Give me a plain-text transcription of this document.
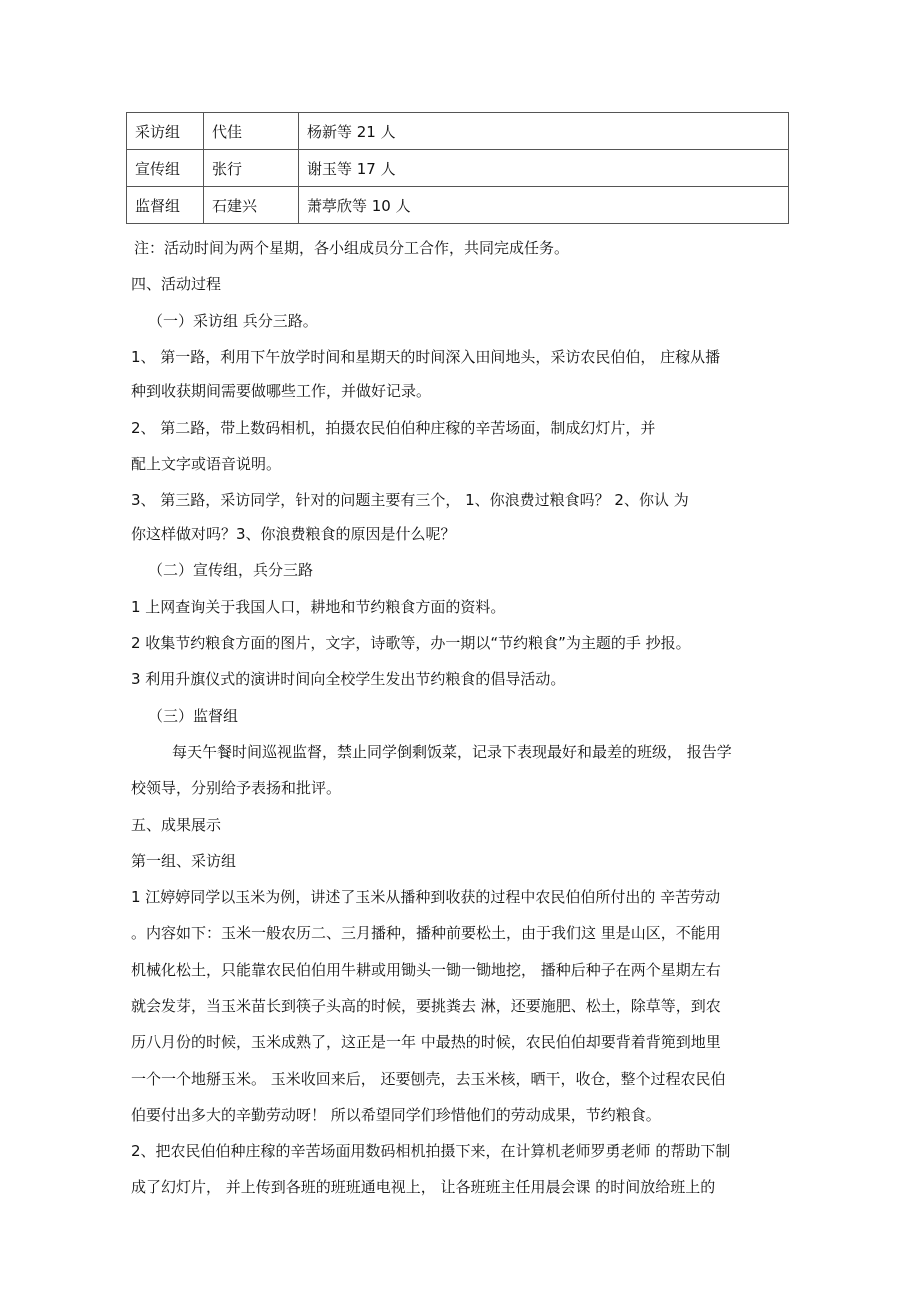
采访组	代佳	杨新等 21 人
宣传组	张行	谢玉等 17 人
监督组	石建兴	萧葶欣等 10 人
注：活动时间为两个星期，各小组成员分工合作，共同完成任务。
四、活动过程
（一）采访组 兵分三路。
1、 第一路，利用下午放学时间和星期天的时间深入田间地头，采访农民伯伯， 庄稼从播
种到收获期间需要做哪些工作，并做好记录。
2、 第二路，带上数码相机，拍摄农民伯伯种庄稼的辛苦场面，制成幻灯片，并
配上文字或语音说明。
3、 第三路，采访同学，针对的问题主要有三个， 1、你浪费过粮食吗？ 2、你认 为
你这样做对吗？3、你浪费粮食的原因是什么呢？
（二）宣传组，兵分三路
1 上网查询关于我国人口，耕地和节约粮食方面的资料。
2 收集节约粮食方面的图片，文字，诗歌等，办一期以“节约粮食”为主题的手 抄报。
3 利用升旗仪式的演讲时间向全校学生发出节约粮食的倡导活动。
（三）监督组
每天午餐时间巡视监督，禁止同学倒剩饭菜，记录下表现最好和最差的班级， 报告学
校领导，分别给予表扬和批评。
五、成果展示
第一组、采访组
1 江婷婷同学以玉米为例，讲述了玉米从播种到收获的过程中农民伯伯所付出的 辛苦劳动
。内容如下：玉米一般农历二、三月播种，播种前要松土，由于我们这 里是山区，不能用
机械化松土，只能靠农民伯伯用牛耕或用锄头一锄一锄地挖， 播种后种子在两个星期左右
就会发芽，当玉米苗长到筷子头高的时候，要挑粪去 淋，还要施肥、松土，除草等，到农
历八月份的时候，玉米成熟了，这正是一年 中最热的时候，农民伯伯却要背着背篼到地里
一个一个地掰玉米。 玉米收回来后， 还要刨壳，去玉米核，晒干，收仓，整个过程农民伯
伯要付出多大的辛勤劳动呀！ 所以希望同学们珍惜他们的劳动成果，节约粮食。
2、把农民伯伯种庄稼的辛苦场面用数码相机拍摄下来，在计算机老师罗勇老师 的帮助下制
成了幻灯片， 并上传到各班的班班通电视上， 让各班班主任用晨会课 的时间放给班上的
